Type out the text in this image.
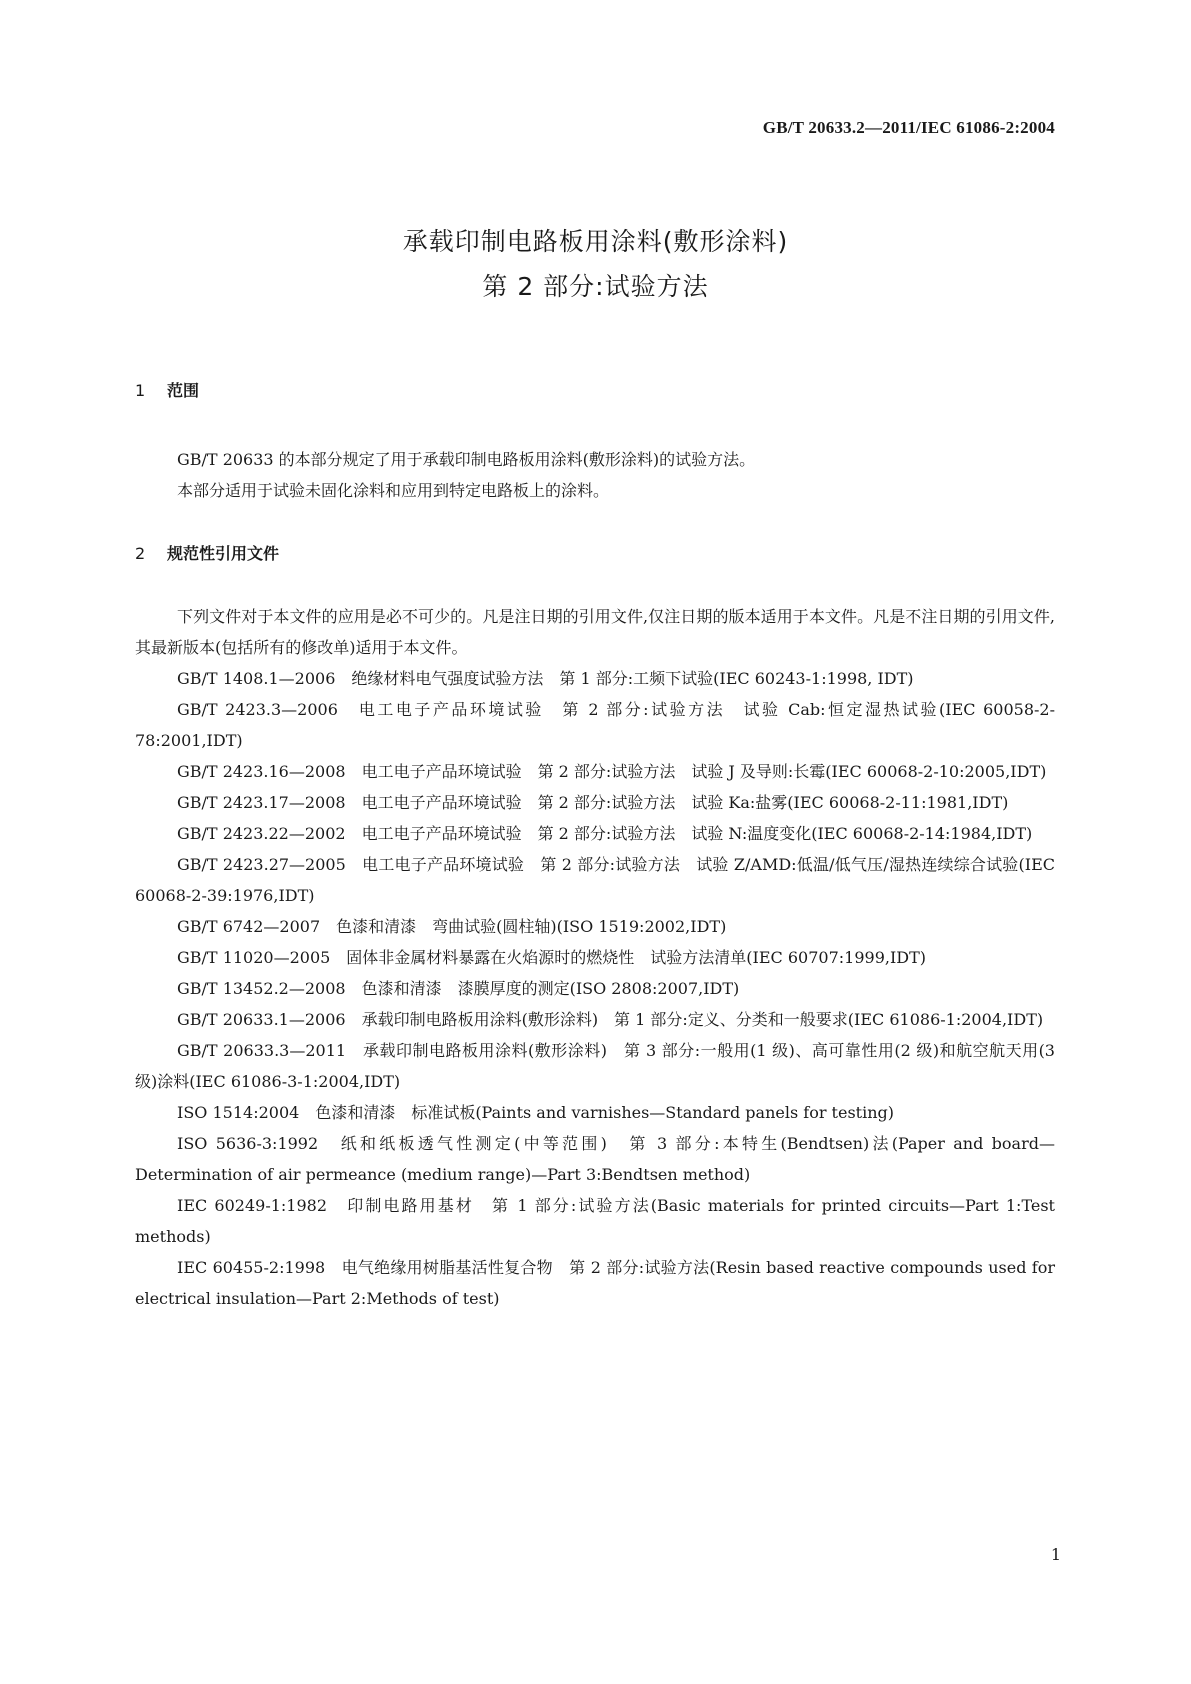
GB/T 20633.2—2011/IEC 61086-2:2004
承载印制电路板用涂料(敷形涂料)
第 2 部分:试验方法
1 范围

GB/T 20633 的本部分规定了用于承载印制电路板用涂料(敷形涂料)的试验方法。

本部分适用于试验未固化涂料和应用到特定电路板上的涂料。

2 规范性引用文件

下列文件对于本文件的应用是必不可少的。凡是注日期的引用文件,仅注日期的版本适用于本文件。凡是不注日期的引用文件,其最新版本(包括所有的修改单)适用于本文件。

GB/T 1408.1—2006　绝缘材料电气强度试验方法　第 1 部分:工频下试验(IEC 60243-1:1998, IDT)

GB/T 2423.3—2006　电工电子产品环境试验　第 2 部分:试验方法　试验 Cab:恒定湿热试验(IEC 60058-2-78:2001,IDT)

GB/T 2423.16—2008　电工电子产品环境试验　第 2 部分:试验方法　试验 J 及导则:长霉(IEC 60068-2-10:2005,IDT)

GB/T 2423.17—2008　电工电子产品环境试验　第 2 部分:试验方法　试验 Ka:盐雾(IEC 60068-2-11:1981,IDT)

GB/T 2423.22—2002　电工电子产品环境试验　第 2 部分:试验方法　试验 N:温度变化(IEC 60068-2-14:1984,IDT)

GB/T 2423.27—2005　电工电子产品环境试验　第 2 部分:试验方法　试验 Z/AMD:低温/低气压/湿热连续综合试验(IEC 60068-2-39:1976,IDT)

GB/T 6742—2007　色漆和清漆　弯曲试验(圆柱轴)(ISO 1519:2002,IDT)

GB/T 11020—2005　固体非金属材料暴露在火焰源时的燃烧性　试验方法清单(IEC 60707:1999,IDT)

GB/T 13452.2—2008　色漆和清漆　漆膜厚度的测定(ISO 2808:2007,IDT)

GB/T 20633.1—2006　承载印制电路板用涂料(敷形涂料)　第 1 部分:定义、分类和一般要求(IEC 61086-1:2004,IDT)

GB/T 20633.3—2011　承载印制电路板用涂料(敷形涂料)　第 3 部分:一般用(1 级)、高可靠性用(2 级)和航空航天用(3 级)涂料(IEC 61086-3-1:2004,IDT)

ISO 1514:2004　色漆和清漆　标准试板(Paints and varnishes—Standard panels for testing)

ISO 5636-3:1992　纸和纸板透气性测定(中等范围)　第 3 部分:本特生(Bendtsen)法(Paper and board—Determination of air permeance (medium range)—Part 3:Bendtsen method)

IEC 60249-1:1982　印制电路用基材　第 1 部分:试验方法(Basic materials for printed circuits—Part 1:Test methods)

IEC 60455-2:1998　电气绝缘用树脂基活性复合物　第 2 部分:试验方法(Resin based reactive compounds used for electrical insulation—Part 2:Methods of test)

1
